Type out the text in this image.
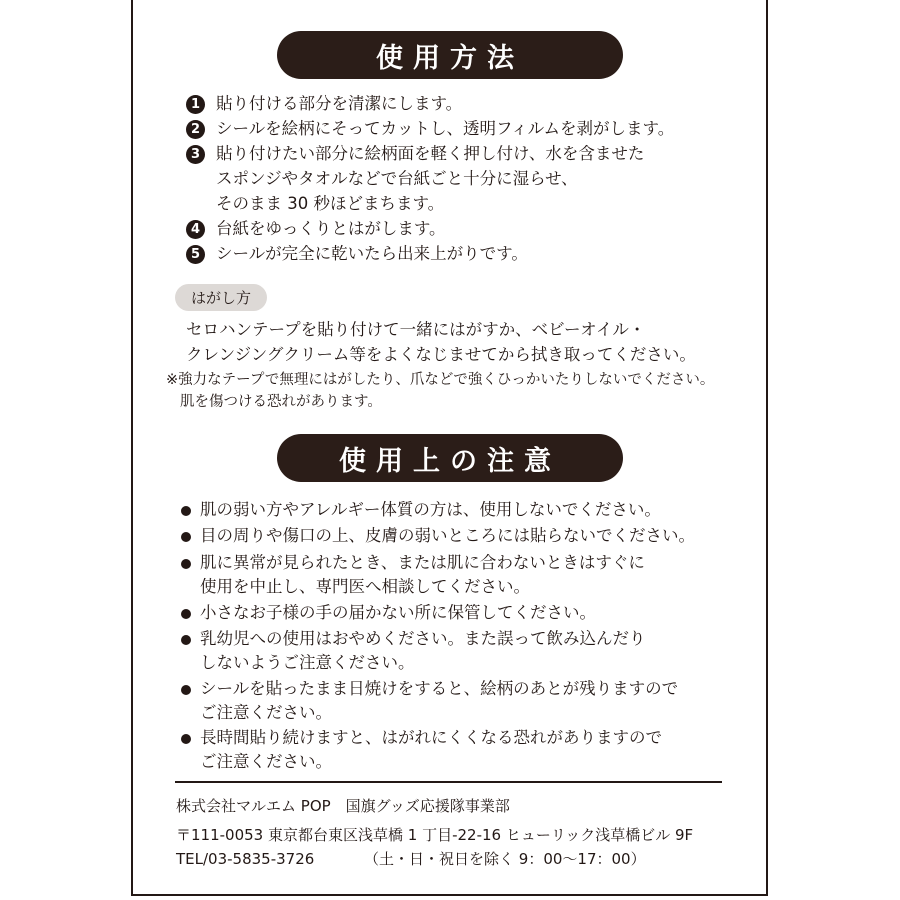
使用方法
1 貼り付ける部分を清潔にします。
2 シールを絵柄にそってカットし、透明フィルムを剥がします。
3 貼り付けたい部分に絵柄面を軽く押し付け、水を含ませた
スポンジやタオルなどで台紙ごと十分に湿らせ、
そのまま 30 秒ほどまちます。
4 台紙をゆっくりとはがします。
5 シールが完全に乾いたら出来上がりです。
はがし方
セロハンテープを貼り付けて一緒にはがすか、ベビーオイル・
クレンジングクリーム等をよくなじませてから拭き取ってください。
※強力なテープで無理にはがしたり、爪などで強くひっかいたりしないでください。
肌を傷つける恐れがあります。
使用上の注意
肌の弱い方やアレルギー体質の方は、使用しないでください。
目の周りや傷口の上、皮膚の弱いところには貼らないでください。
肌に異常が見られたとき、または肌に合わないときはすぐに
使用を中止し、専門医へ相談してください。
小さなお子様の手の届かない所に保管してください。
乳幼児への使用はおやめください。また誤って飲み込んだり
しないようご注意ください。
シールを貼ったまま日焼けをすると、絵柄のあとが残りますので
ご注意ください。
長時間貼り続けますと、はがれにくくなる恐れがありますので
ご注意ください。
株式会社マルエム POP　国旗グッズ応援隊事業部
〒111-0053 東京都台東区浅草橋 1 丁目-22-16 ヒューリック浅草橋ビル 9F
TEL/03-5835-3726	（土・日・祝日を除く 9：00～17：00）
